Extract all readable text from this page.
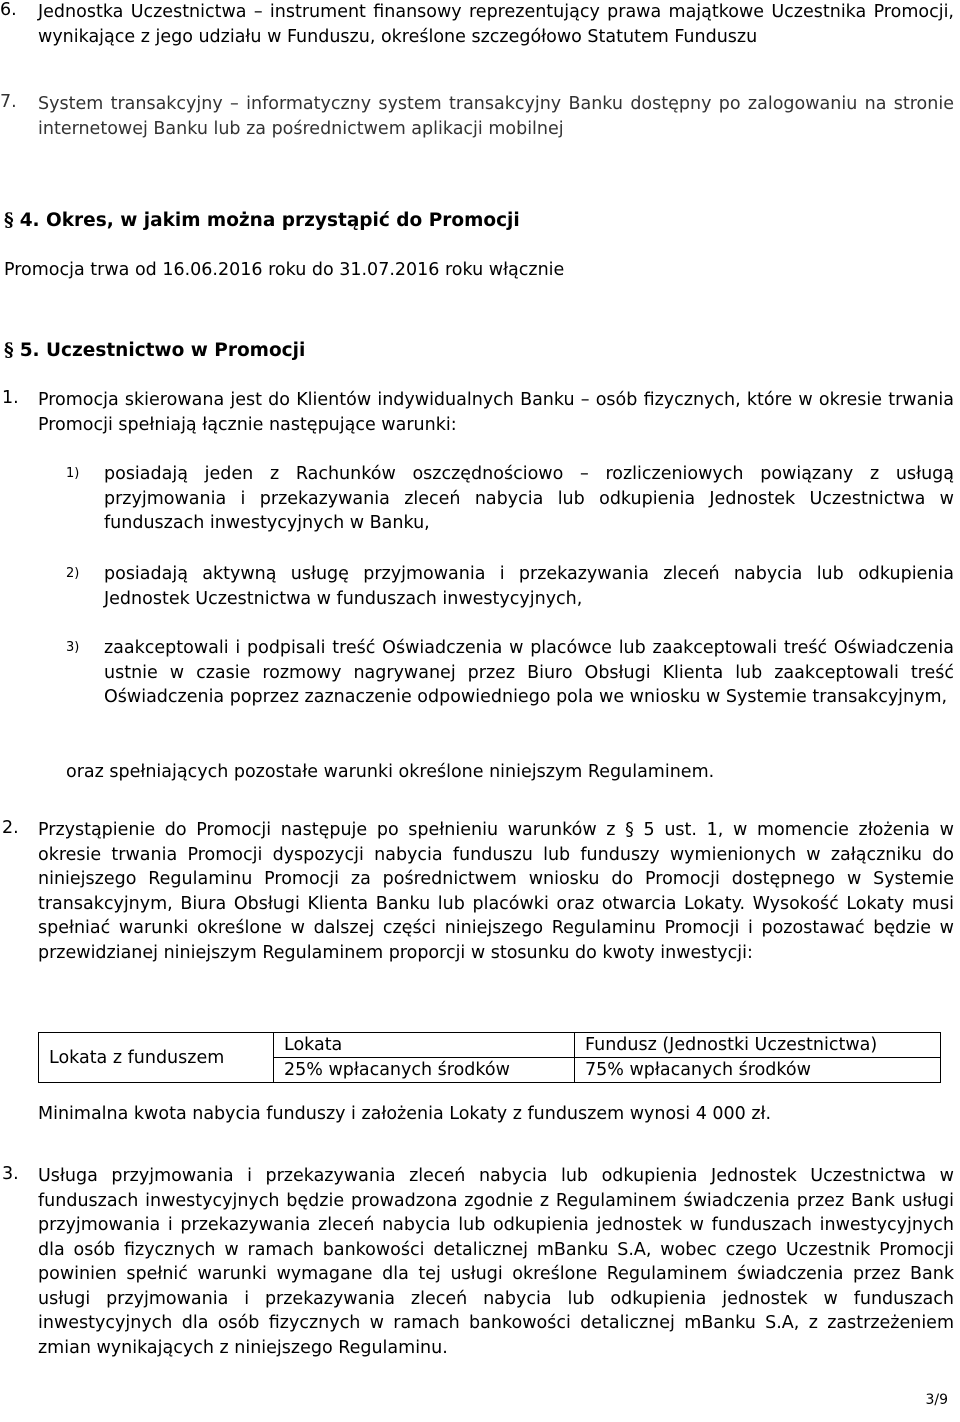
6. Jednostka Uczestnictwa – instrument finansowy reprezentujący prawa majątkowe Uczestnika Promocji, wynikające z jego udziału w Funduszu, określone szczegółowo Statutem Funduszu

7. System transakcyjny – informatyczny system transakcyjny Banku dostępny po zalogowaniu na stronie internetowej Banku lub za pośrednictwem aplikacji mobilnej

§ 4. Okres, w jakim można przystąpić do Promocji

Promocja trwa od 16.06.2016 roku do 31.07.2016 roku włącznie

§ 5. Uczestnictwo w Promocji

1. Promocja skierowana jest do Klientów indywidualnych Banku – osób fizycznych, które w okresie trwania Promocji spełniają łącznie następujące warunki:

1) posiadają jeden z Rachunków oszczędnościowo – rozliczeniowych powiązany z usługą przyjmowania i przekazywania zleceń nabycia lub odkupienia Jednostek Uczestnictwa w funduszach inwestycyjnych w Banku,

2) posiadają aktywną usługę przyjmowania i przekazywania zleceń nabycia lub odkupienia Jednostek Uczestnictwa w funduszach inwestycyjnych,

3) zaakceptowali i podpisali treść Oświadczenia w placówce lub zaakceptowali treść Oświadczenia ustnie w czasie rozmowy nagrywanej przez Biuro Obsługi Klienta lub zaakceptowali treść Oświadczenia poprzez zaznaczenie odpowiedniego pola we wniosku w Systemie transakcyjnym,

oraz spełniających pozostałe warunki określone niniejszym Regulaminem.

2. Przystąpienie do Promocji następuje po spełnieniu warunków z § 5 ust. 1, w momencie złożenia w okresie trwania Promocji dyspozycji nabycia funduszu lub funduszy wymienionych w załączniku do niniejszego Regulaminu Promocji za pośrednictwem wniosku do Promocji dostępnego w Systemie transakcyjnym, Biura Obsługi Klienta Banku lub placówki oraz otwarcia Lokaty. Wysokość Lokaty musi spełniać warunki określone w dalszej części niniejszego Regulaminu Promocji i pozostawać będzie w przewidzianej niniejszym Regulaminem proporcji w stosunku do kwoty inwestycji:

Lokata z funduszem	Lokata	Fundusz (Jednostki Uczestnictwa)
	25% wpłacanych środków	75% wpłacanych środków

Minimalna kwota nabycia funduszy i założenia Lokaty z funduszem wynosi 4 000 zł.

3. Usługa przyjmowania i przekazywania zleceń nabycia lub odkupienia Jednostek Uczestnictwa w funduszach inwestycyjnych będzie prowadzona zgodnie z Regulaminem świadczenia przez Bank usługi przyjmowania i przekazywania zleceń nabycia lub odkupienia jednostek w funduszach inwestycyjnych dla osób fizycznych w ramach bankowości detalicznej mBanku S.A, wobec czego Uczestnik Promocji powinien spełnić warunki wymagane dla tej usługi określone Regulaminem świadczenia przez Bank usługi przyjmowania i przekazywania zleceń nabycia lub odkupienia jednostek w funduszach inwestycyjnych dla osób fizycznych w ramach bankowości detalicznej mBanku S.A, z zastrzeżeniem zmian wynikających z niniejszego Regulaminu.

3/9
